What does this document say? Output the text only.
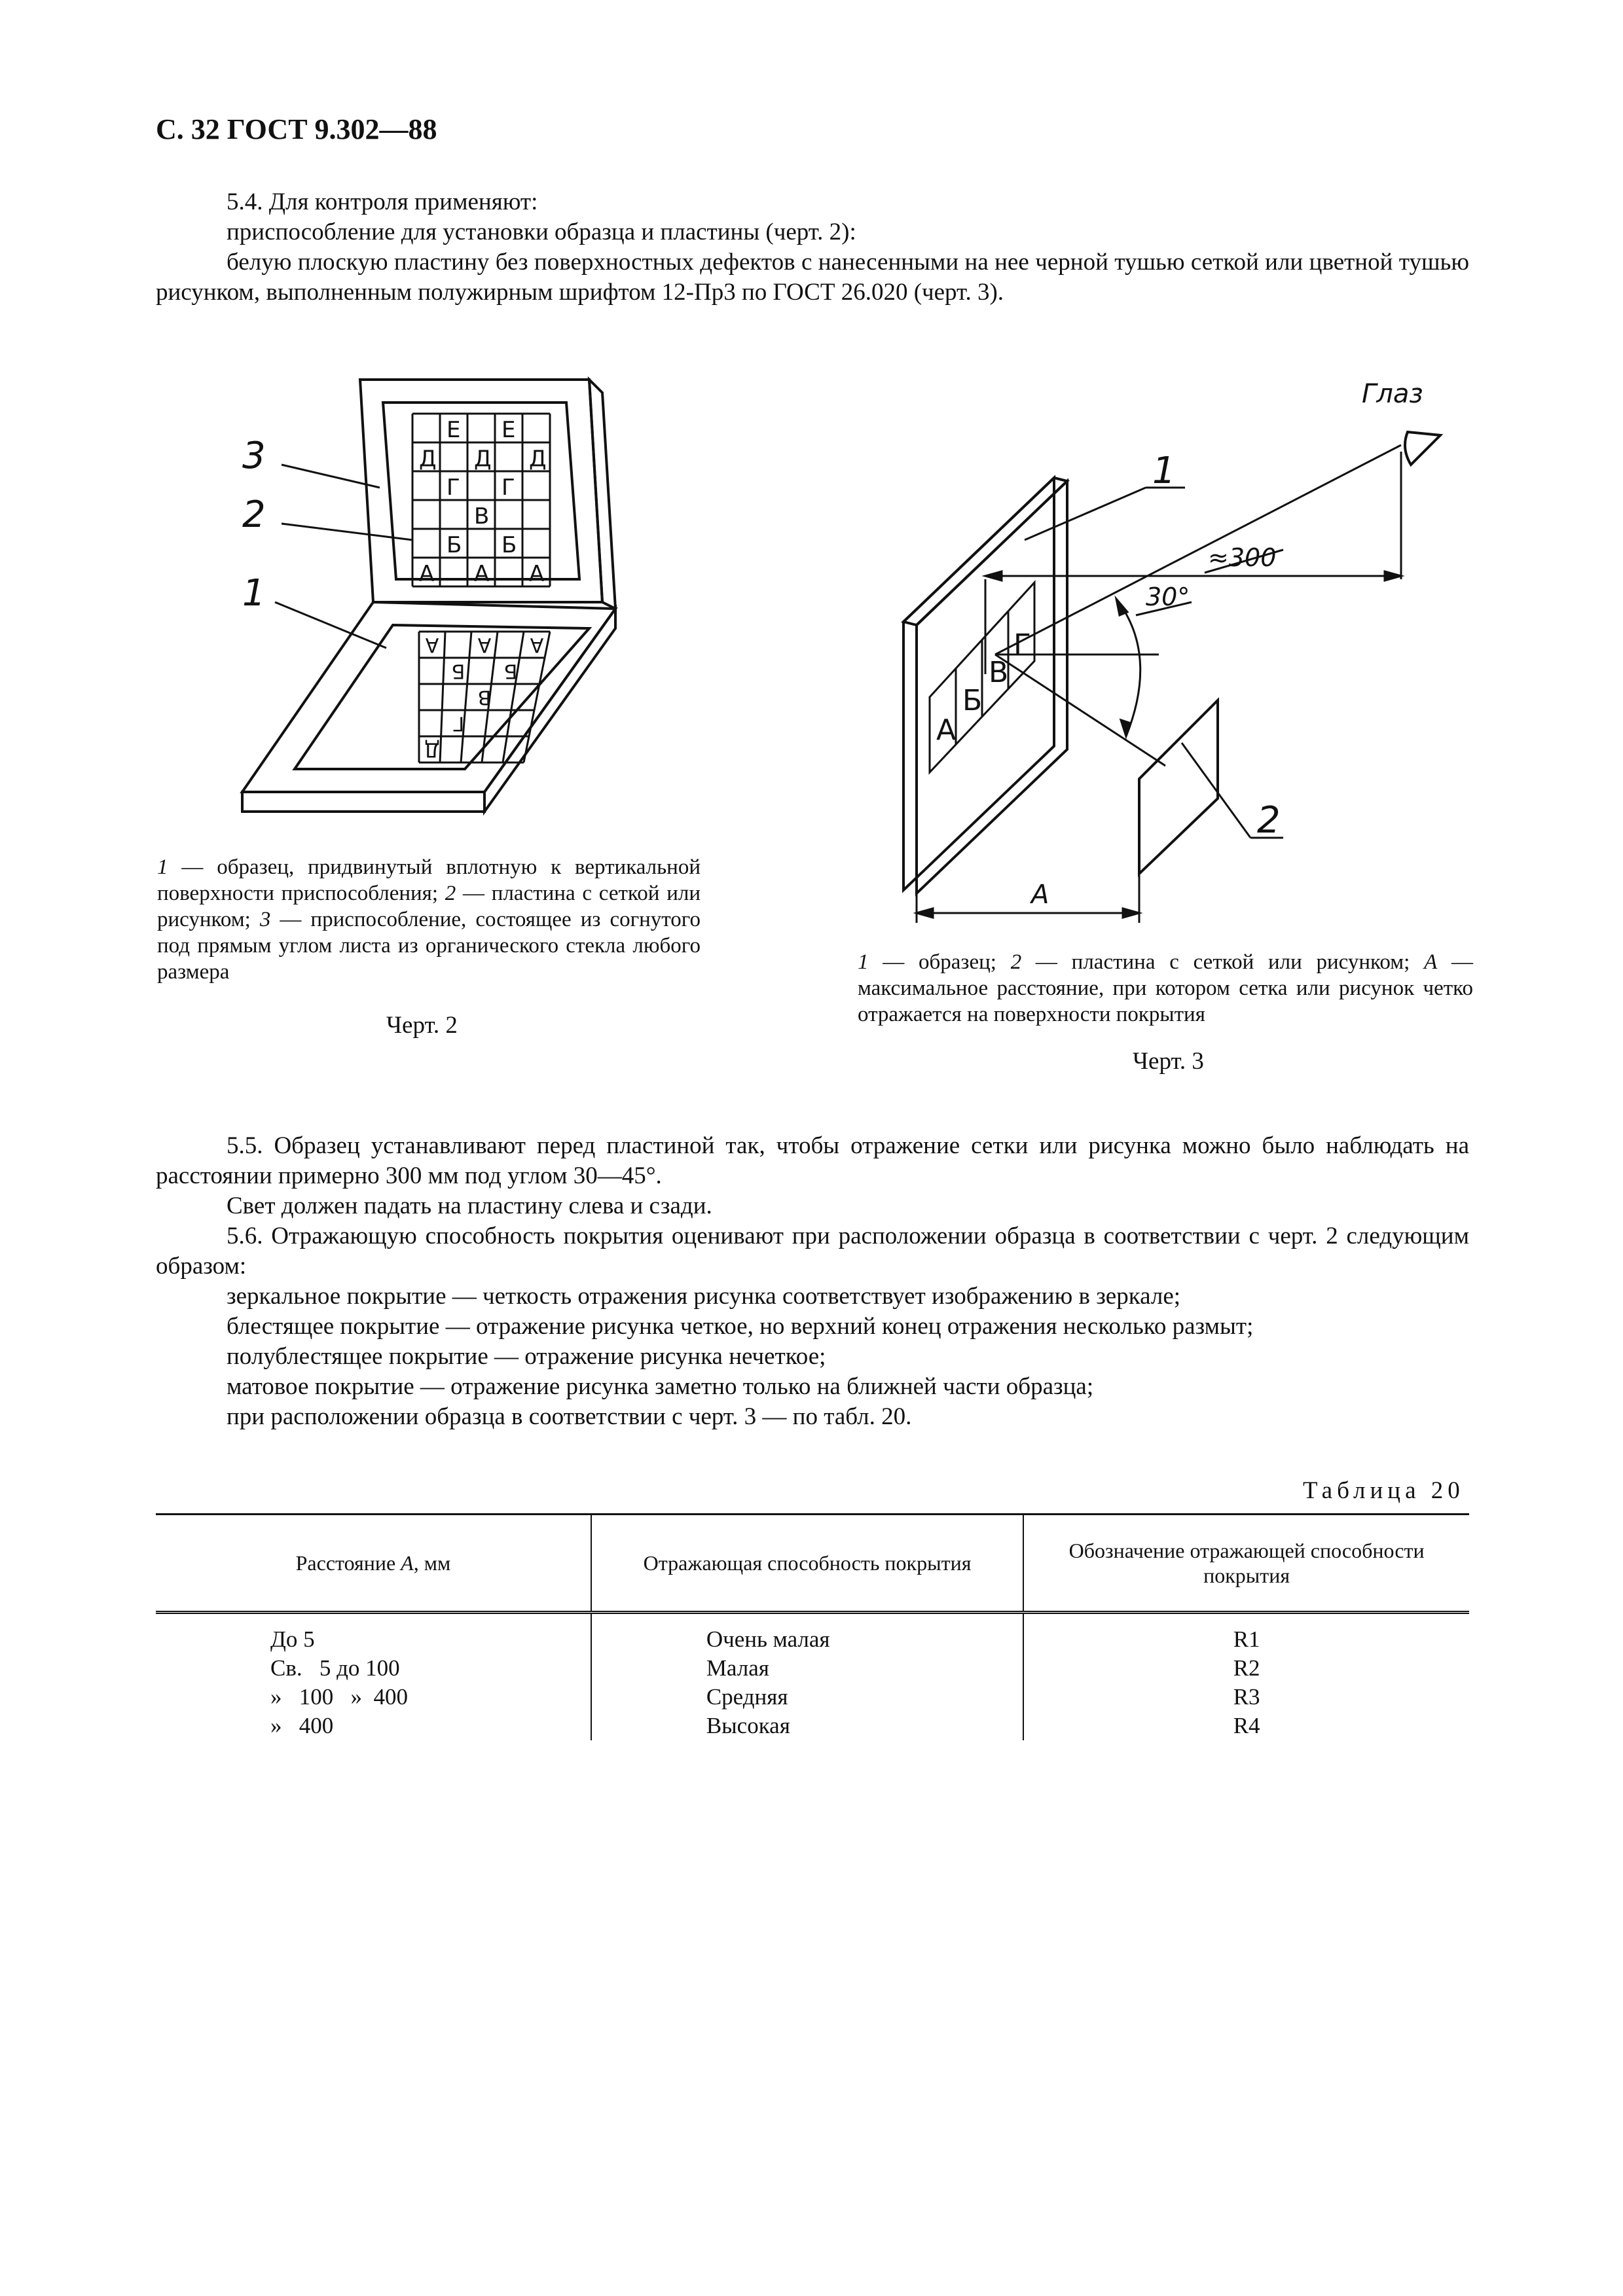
С. 32 ГОСТ 9.302—88
5.4. Для контроля применяют:
приспособление для установки образца и пластины (черт. 2):
белую плоскую пластину без поверхностных дефектов с нанесенными на нее черной тушью сеткой или цветной тушью рисунком, выполненным полужирным шрифтом 12-Пр3 по ГОСТ 26.020 (черт. 3).
Е Е
Д Д Д
Г Г
В
Б Б
А А А
А А А
Б Б
В
Г
Д
3
2
1
1 — образец, придвинутый вплотную к вертикальной поверхности приспособления; 2 — пластина с сеткой или рисунком; 3 — приспособление, состоящее из согнутого под прямым углом листа из органического стекла любого размера
Черт. 2
А
Б
В
Г
Глаз
≈300
30°
А
1
2
1 — образец; 2 — пластина с сеткой или рисунком; А — максимальное расстояние, при котором сетка или рисунок четко отражается на поверхности покрытия
Черт. 3
5.5. Образец устанавливают перед пластиной так, чтобы отражение сетки или рисунка можно было наблюдать на расстоянии примерно 300 мм под углом 30—45°.
Свет должен падать на пластину слева и сзади.
5.6. Отражающую способность покрытия оценивают при расположении образца в соответствии с черт. 2 следующим образом:
зеркальное покрытие — четкость отражения рисунка соответствует изображению в зеркале;
блестящее покрытие — отражение рисунка четкое, но верхний конец отражения несколько размыт;
полублестящее покрытие — отражение рисунка нечеткое;
матовое покрытие — отражение рисунка заметно только на ближней части образца;
при расположении образца в соответствии с черт. 3 — по табл. 20.
Таблица 20
Расстояние А, мм	Отражающая способность покрытия	Обозначение отражающей способности покрытия
До 5	Очень малая	R1
Св.   5 до 100	Малая	R2
»   100   »  400	Средняя	R3
»   400	Высокая	R4
